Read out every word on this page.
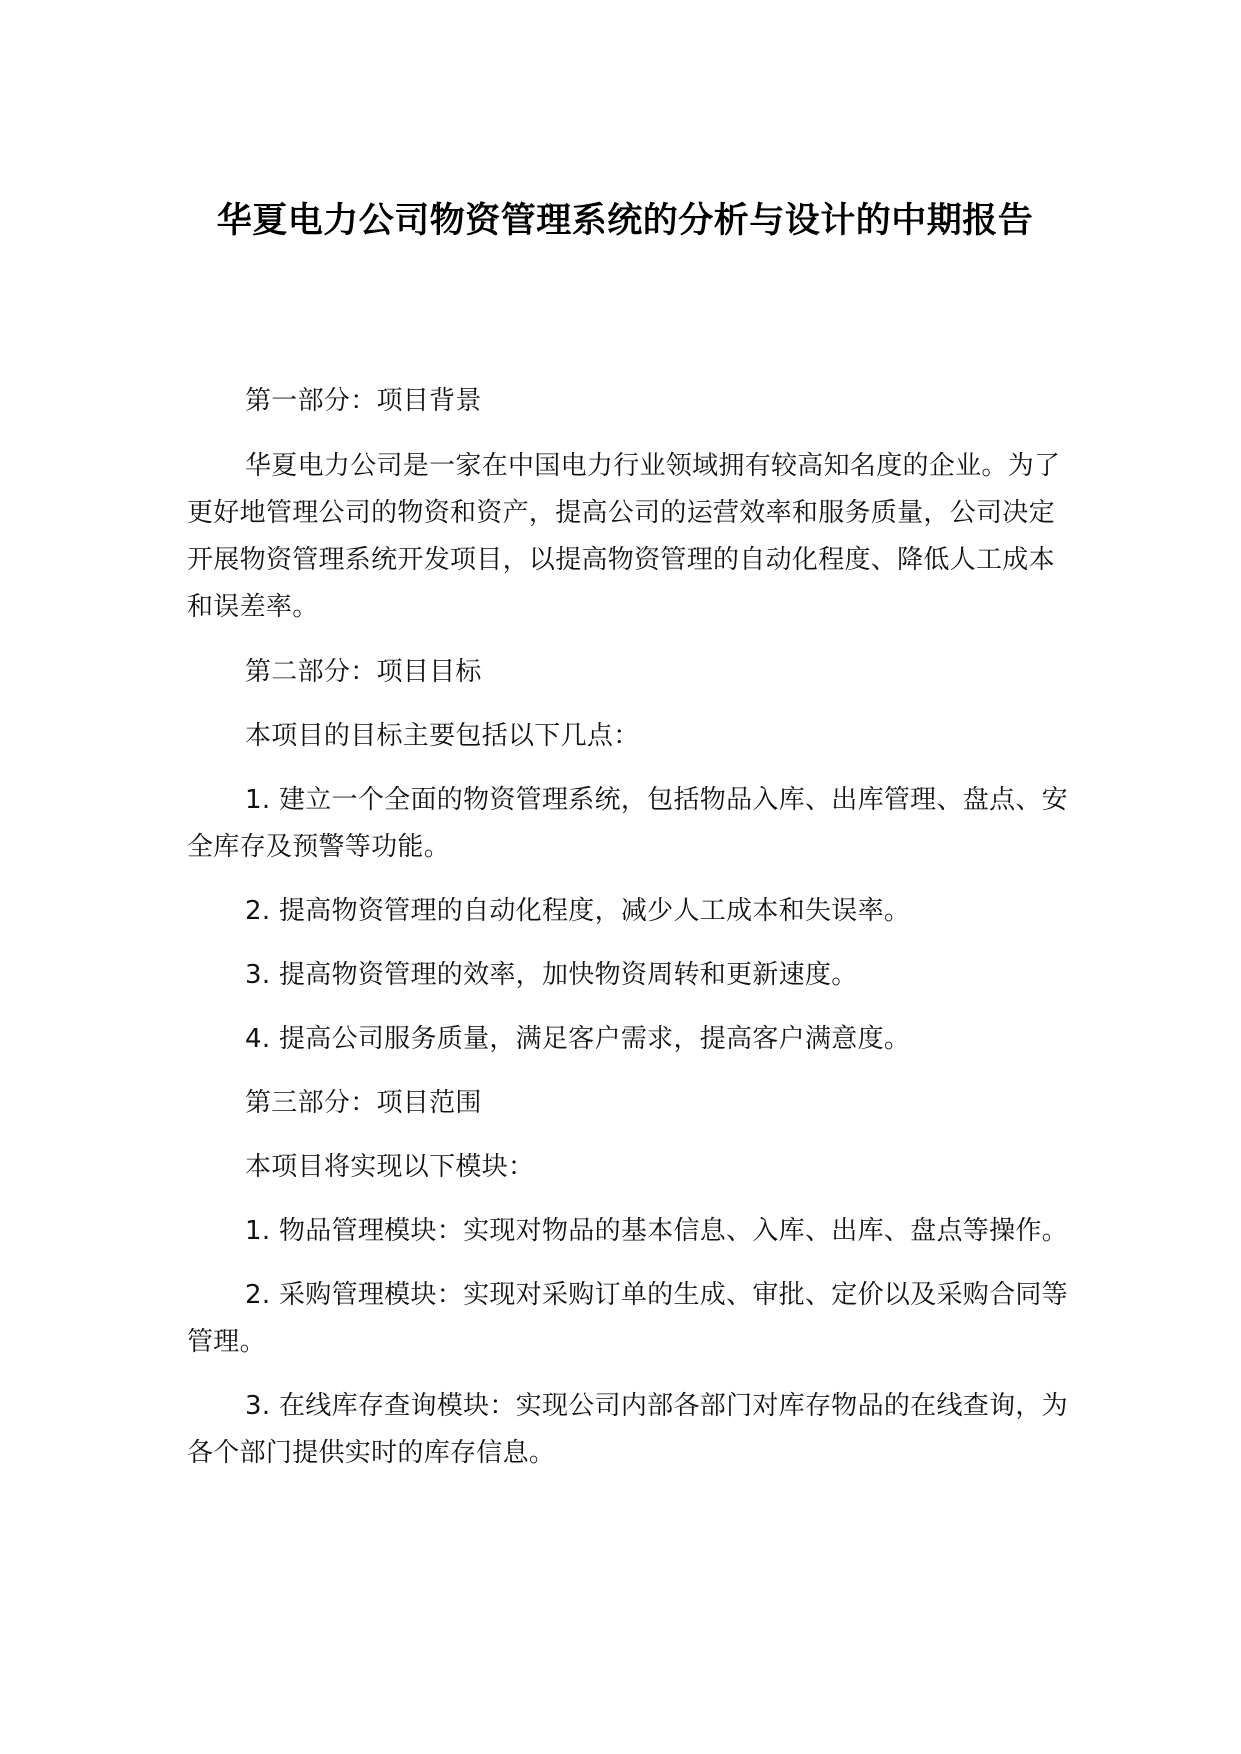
华夏电力公司物资管理系统的分析与设计的中期报告

第一部分：项目背景

华夏电力公司是一家在中国电力行业领域拥有较高知名度的企业。为了更好地管理公司的物资和资产，提高公司的运营效率和服务质量，公司决定开展物资管理系统开发项目，以提高物资管理的自动化程度、降低人工成本和误差率。

第二部分：项目目标

本项目的目标主要包括以下几点：

1. 建立一个全面的物资管理系统，包括物品入库、出库管理、盘点、安全库存及预警等功能。

2. 提高物资管理的自动化程度，减少人工成本和失误率。

3. 提高物资管理的效率，加快物资周转和更新速度。

4. 提高公司服务质量，满足客户需求，提高客户满意度。

第三部分：项目范围

本项目将实现以下模块：

1. 物品管理模块：实现对物品的基本信息、入库、出库、盘点等操作。

2. 采购管理模块：实现对采购订单的生成、审批、定价以及采购合同等管理。

3. 在线库存查询模块：实现公司内部各部门对库存物品的在线查询，为各个部门提供实时的库存信息。
